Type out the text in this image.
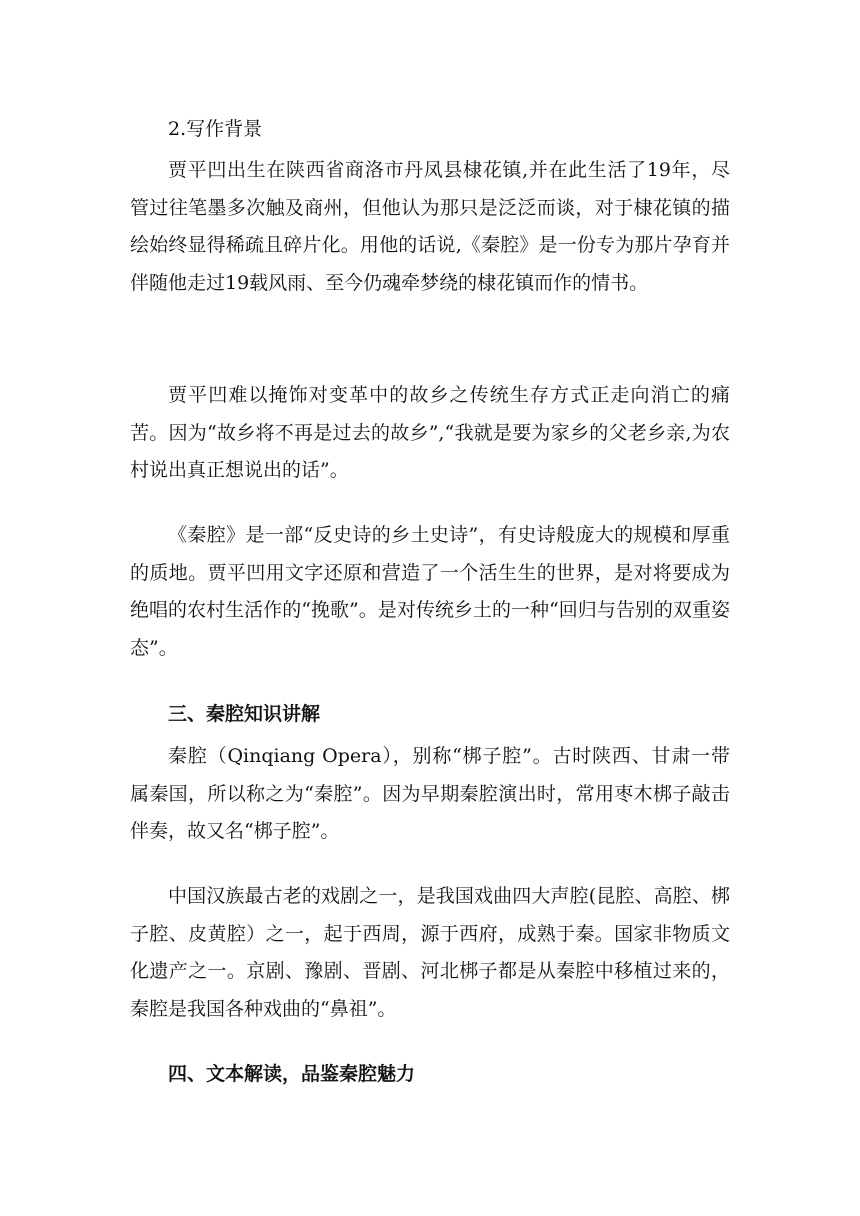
2.写作背景

贾平凹出生在陕西省商洛市丹凤县棣花镇,并在此生活了19年，尽管过往笔墨多次触及商州，但他认为那只是泛泛而谈，对于棣花镇的描绘始终显得稀疏且碎片化。用他的话说,《秦腔》是一份专为那片孕育并伴随他走过19载风雨、至今仍魂牵梦绕的棣花镇而作的情书。

贾平凹难以掩饰对变革中的故乡之传统生存方式正走向消亡的痛苦。因为“故乡将不再是过去的故乡”,“我就是要为家乡的父老乡亲,为农村说出真正想说出的话”。

《秦腔》是一部“反史诗的乡土史诗”，有史诗般庞大的规模和厚重的质地。贾平凹用文字还原和营造了一个活生生的世界，是对将要成为绝唱的农村生活作的“挽歌”。是对传统乡土的一种“回归与告别的双重姿态”。

三、秦腔知识讲解

秦腔（Qinqiang Opera），别称“梆子腔”。古时陕西、甘肃一带属秦国，所以称之为“秦腔”。因为早期秦腔演出时，常用枣木梆子敲击伴奏，故又名“梆子腔”。

中国汉族最古老的戏剧之一，是我国戏曲四大声腔(昆腔、高腔、梆子腔、皮黄腔）之一，起于西周，源于西府，成熟于秦。国家非物质文化遗产之一。京剧、豫剧、晋剧、河北梆子都是从秦腔中移植过来的，秦腔是我国各种戏曲的“鼻祖”。

四、文本解读，品鉴秦腔魅力
